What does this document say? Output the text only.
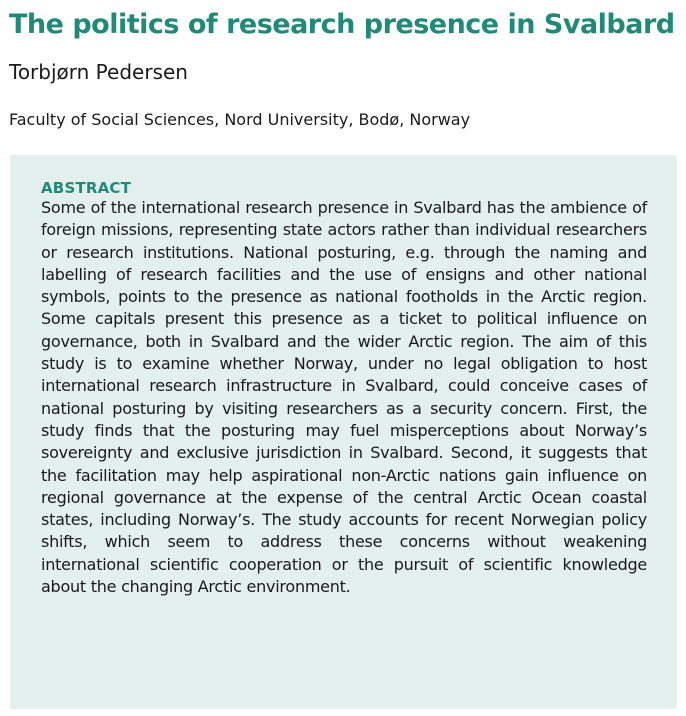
The politics of research presence in Svalbard
Torbjørn Pedersen
Faculty of Social Sciences, Nord University, Bodø, Norway
ABSTRACT

Some of the international research presence in Svalbard has the ambience of foreign missions, representing state actors rather than individual researchers or research institutions. National posturing, e.g. through the naming and labelling of research facilities and the use of ensigns and other national symbols, points to the presence as national footholds in the Arctic region. Some capitals present this presence as a ticket to political influence on governance, both in Svalbard and the wider Arctic region. The aim of this study is to examine whether Norway, under no legal obligation to host international research infrastructure in Svalbard, could conceive cases of national posturing by visiting researchers as a security concern. First, the study finds that the posturing may fuel misperceptions about Norway’s sovereignty and exclusive jurisdiction in Svalbard. Second, it suggests that the facilitation may help aspirational non-Arctic nations gain influence on regional governance at the expense of the central Arctic Ocean coastal states, including Norway’s. The study accounts for recent Norwegian policy shifts, which seem to address these concerns without weakening international scientific cooperation or the pursuit of scientific knowledge about the changing Arctic environment.
